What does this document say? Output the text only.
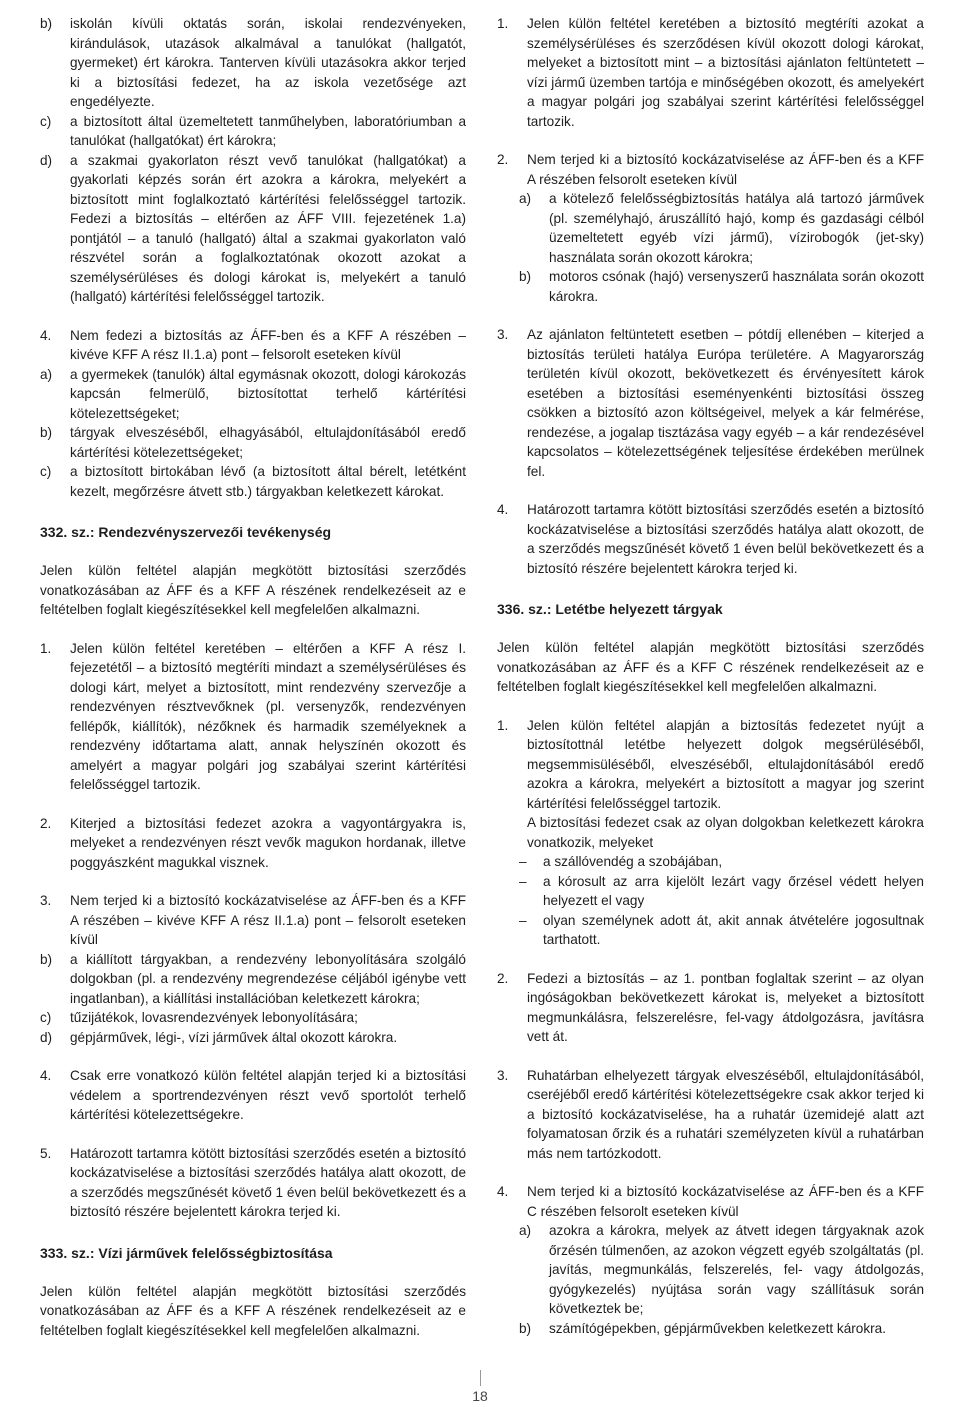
b)	iskolán kívüli oktatás során, iskolai rendezvényeken, kirándulások, utazások alkalmával a tanulókat (hallgatót, gyermeket) ért károkra. Tanterven kívüli utazásokra akkor terjed ki a biztosítási fedezet, ha az iskola vezetősége azt engedélyezte.
c)	a biztosított által üzemeltetett tanműhelyben, laboratóriumban a tanulókat (hallgatókat) ért károkra;
d)	a szakmai gyakorlaton részt vevő tanulókat (hallgatókat) a gyakorlati képzés során ért azokra a károkra, melyekért a biztosított mint foglalkoztató kártérítési felelősséggel tartozik. Fedezi a biztosítás – eltérően az ÁFF VIII. fejezetének 1.a) pontjától – a tanuló (hallgató) által a szakmai gyakorlaton való részvétel során a foglalkoztatónak okozott azokat a személysérüléses és dologi károkat is, melyekért a tanuló (hallgató) kártérítési felelősséggel tartozik.
4.	Nem fedezi a biztosítás az ÁFF-ben és a KFF A részében – kivéve KFF A rész II.1.a) pont – felsorolt eseteken kívül
a)	a gyermekek (tanulók) által egymásnak okozott, dologi károkozás kapcsán felmerülő, biztosítottat terhelő kártérítési kötelezettségeket;
b)	tárgyak elveszéséből, elhagyásából, eltulajdonításából eredő kártérítési kötelezettségeket;
c)	a biztosított birtokában lévő (a biztosított által bérelt, letétként kezelt, megőrzésre átvett stb.) tárgyakban keletkezett károkat.
332. sz.: Rendezvényszervezői tevékenység

Jelen külön feltétel alapján megkötött biztosítási szerződés vonatkozásában az ÁFF és a KFF A részének rendelkezéseit az e feltételben foglalt kiegészítésekkel kell megfelelően alkalmazni.

1.	Jelen külön feltétel keretében – eltérően a KFF A rész I. fejezetétől – a biztosító megtéríti mindazt a személysérüléses és dologi kárt, melyet a biztosított, mint rendezvény szervezője a rendezvényen résztvevőknek (pl. versenyzők, rendezvényen fellépők, kiállítók), nézőknek és harmadik személyeknek a rendezvény időtartama alatt, annak helyszínén okozott és amelyért a magyar polgári jog szabályai szerint kártérítési felelősséggel tartozik.
2.	Kiterjed a biztosítási fedezet azokra a vagyontárgyakra is, melyeket a rendezvényen részt vevők magukon hordanak, illetve poggyászként magukkal visznek.
3.	Nem terjed ki a biztosító kockázatviselése az ÁFF-ben és a KFF A részében – kivéve KFF A rész II.1.a) pont – felsorolt eseteken kívül
b)	a kiállított tárgyakban, a rendezvény lebonyolítására szolgáló dolgokban (pl. a rendezvény megrendezése céljából igénybe vett ingatlanban), a kiállítási installációban keletkezett károkra;
c)	tűzijátékok, lovasrendezvények lebonyolítására;
d)	gépjárművek, légi-, vízi járművek által okozott károkra.
4.	Csak erre vonatkozó külön feltétel alapján terjed ki a biztosítási védelem a sportrendezvényen részt vevő sportolót terhelő kártérítési kötelezettségekre.
5.	Határozott tartamra kötött biztosítási szerződés esetén a biztosító kockázatviselése a biztosítási szerződés hatálya alatt okozott, de a szerződés megszűnését követő 1 éven belül bekövetkezett és a biztosító részére bejelentett károkra terjed ki.
333. sz.: Vízi járművek felelősségbiztosítása

Jelen külön feltétel alapján megkötött biztosítási szerződés vonatkozásában az ÁFF és a KFF A részének rendelkezéseit az e feltételben foglalt kiegészítésekkel kell megfelelően alkalmazni.

1.	Jelen külön feltétel keretében a biztosító megtéríti azokat a személysérüléses és szerződésen kívül okozott dologi károkat, melyeket a biztosított mint – a biztosítási ajánlaton feltüntetett – vízi jármű üzemben tartója e minőségében okozott, és amelyekért a magyar polgári jog szabályai szerint kártérítési felelősséggel tartozik.
2.	Nem terjed ki a biztosító kockázatviselése az ÁFF-ben és a KFF A részében felsorolt eseteken kívül
a)	a kötelező felelősségbiztosítás hatálya alá tartozó járművek (pl. személyhajó, áruszállító hajó, komp és gazdasági célból üzemeltetett egyéb vízi jármű), vízirobogók (jet-sky) használata során okozott károkra;
b)	motoros csónak (hajó) versenyszerű használata során okozott károkra.
3.	Az ajánlaton feltüntetett esetben – pótdíj ellenében – kiterjed a biztosítás területi hatálya Európa területére. A Magyarország területén kívül okozott, bekövetkezett és érvényesített károk esetében a biztosítási eseményenkénti biztosítási összeg csökken a biztosító azon költségeivel, melyek a kár felmérése, rendezése, a jogalap tisztázása vagy egyéb – a kár rendezésével kapcsolatos – kötelezettségének teljesítése érdekében merülnek fel.
4.	Határozott tartamra kötött biztosítási szerződés esetén a biztosító kockázatviselése a biztosítási szerződés hatálya alatt okozott, de a szerződés megszűnését követő 1 éven belül bekövetkezett és a biztosító részére bejelentett károkra terjed ki.
336. sz.: Letétbe helyezett tárgyak

Jelen külön feltétel alapján megkötött biztosítási szerződés vonatkozásában az ÁFF és a KFF C részének rendelkezéseit az e feltételben foglalt kiegészítésekkel kell megfelelően alkalmazni.

1.	Jelen külön feltétel alapján a biztosítás fedezetet nyújt a biztosítottnál letétbe helyezett dolgok megsérüléséből, megsemmisüléséből, elveszéséből, eltulajdonításából eredő azokra a károkra, melyekért a biztosított a magyar jog szerint kártérítési felelősséggel tartozik.
A biztosítási fedezet csak az olyan dolgokban keletkezett károkra vonatkozik, melyeket
–	a szállóvendég a szobájában,
–	a kórosult az arra kijelölt lezárt vagy őrzésel védett helyen helyezett el vagy
–	olyan személynek adott át, akit annak átvételére jogosultnak tarthatott.
2.	Fedezi a biztosítás – az 1. pontban foglaltak szerint – az olyan ingóságokban bekövetkezett károkat is, melyeket a biztosított megmunkálásra, felszerelésre, fel-vagy átdolgozásra, javításra vett át.
3.	Ruhatárban elhelyezett tárgyak elveszéséből, eltulajdonításából, cseréjéből eredő kártérítési kötelezettségekre csak akkor terjed ki a biztosító kockázatviselése, ha a ruhatár üzemidejé alatt azt folyamatosan őrzik és a ruhatári személyzeten kívül a ruhatárban más nem tartózkodott.
4.	Nem terjed ki a biztosító kockázatviselése az ÁFF-ben és a KFF C részében felsorolt eseteken kívül
a)	azokra a károkra, melyek az átvett idegen tárgyaknak azok őrzésén túlmenően, az azokon végzett egyéb szolgáltatás (pl. javítás, megmunkálás, felszerelés, fel- vagy átdolgozás, gyógykezelés) nyújtása során vagy szállításuk során következtek be;
b)	számítógépekben, gépjárművekben keletkezett károkra.
18
